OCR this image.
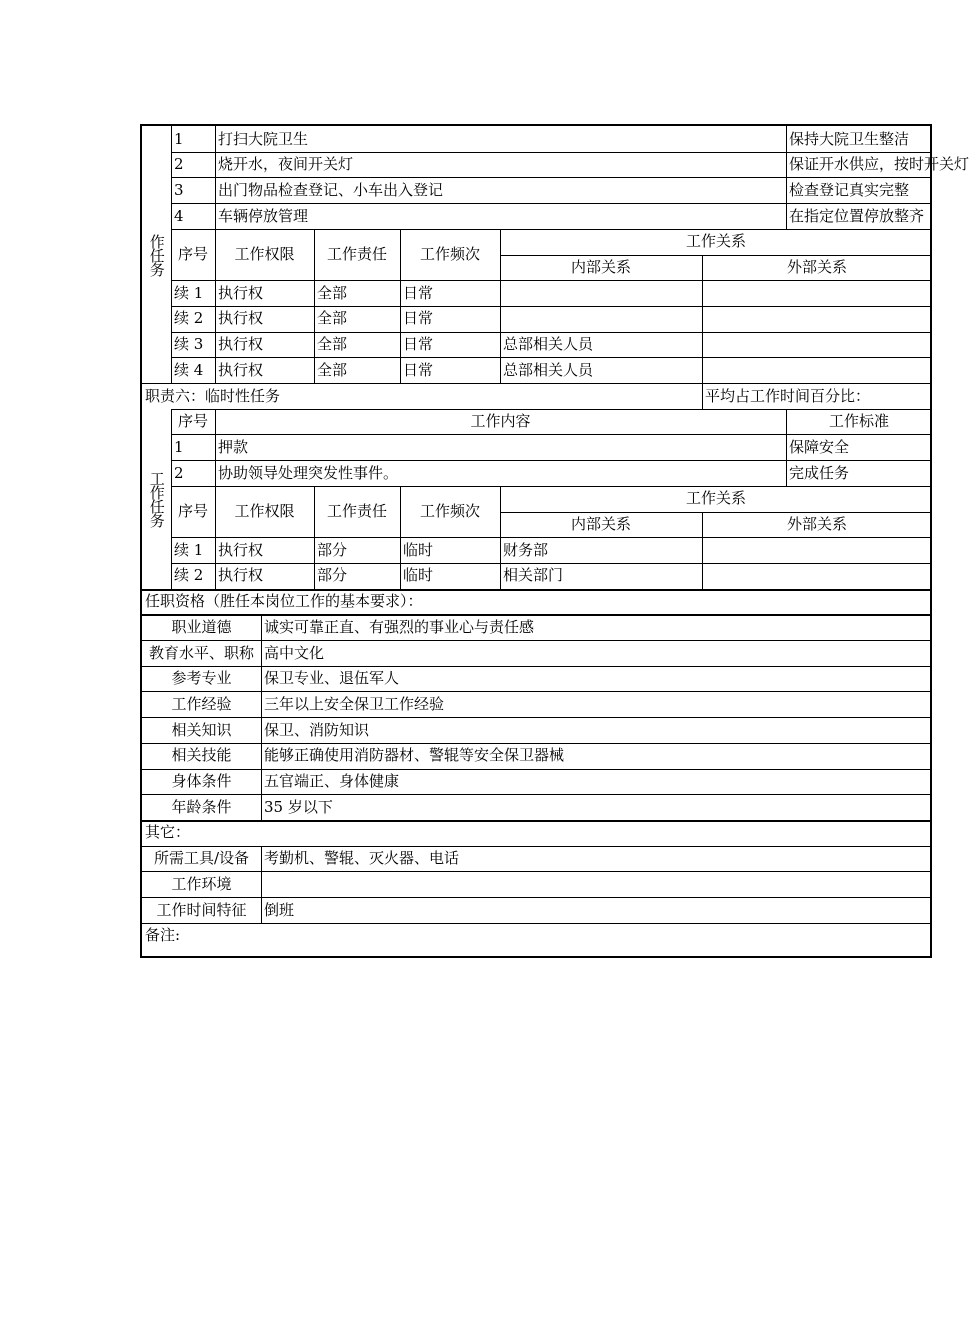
1	打扫大院卫生	保持大院卫生整洁
2	烧开水，夜间开关灯	保证开水供应，按时开关灯
3	出门物品检查登记、小车出入登记	检查登记真实完整
4	车辆停放管理	在指定位置停放整齐
序号	工作权限	工作责任	工作频次
工作关系
内部关系	外部关系
续 1 执行权	全部	日常
续 2 执行权	全部	日常
续 3 执行权	全部	日常	总部相关人员
续 4 执行权	全部	日常	总部相关人员
作任务
职责六：临时性任务	平均占工作时间百分比：
序号	工作内容	工作标准
1	押款	保障安全
2	协助领导处理突发性事件。	完成任务
序号	工作权限	工作责任	工作频次
工作关系
内部关系	外部关系
续 1 执行权	部分	临时	财务部
续 2 执行权	部分	临时	相关部门
工作任务
任职资格（胜任本岗位工作的基本要求）：
职业道德	诚实可靠正直、有强烈的事业心与责任感
教育水平、职称 高中文化
参考专业	保卫专业、退伍军人
工作经验	三年以上安全保卫工作经验
相关知识	保卫、消防知识
相关技能	能够正确使用消防器材、警辊等安全保卫器械
身体条件	五官端正、身体健康
年龄条件	35 岁以下
其它：
所需工具/设备 考勤机、警辊、灭火器、电话
工作环境
工作时间特征	倒班
备注:
